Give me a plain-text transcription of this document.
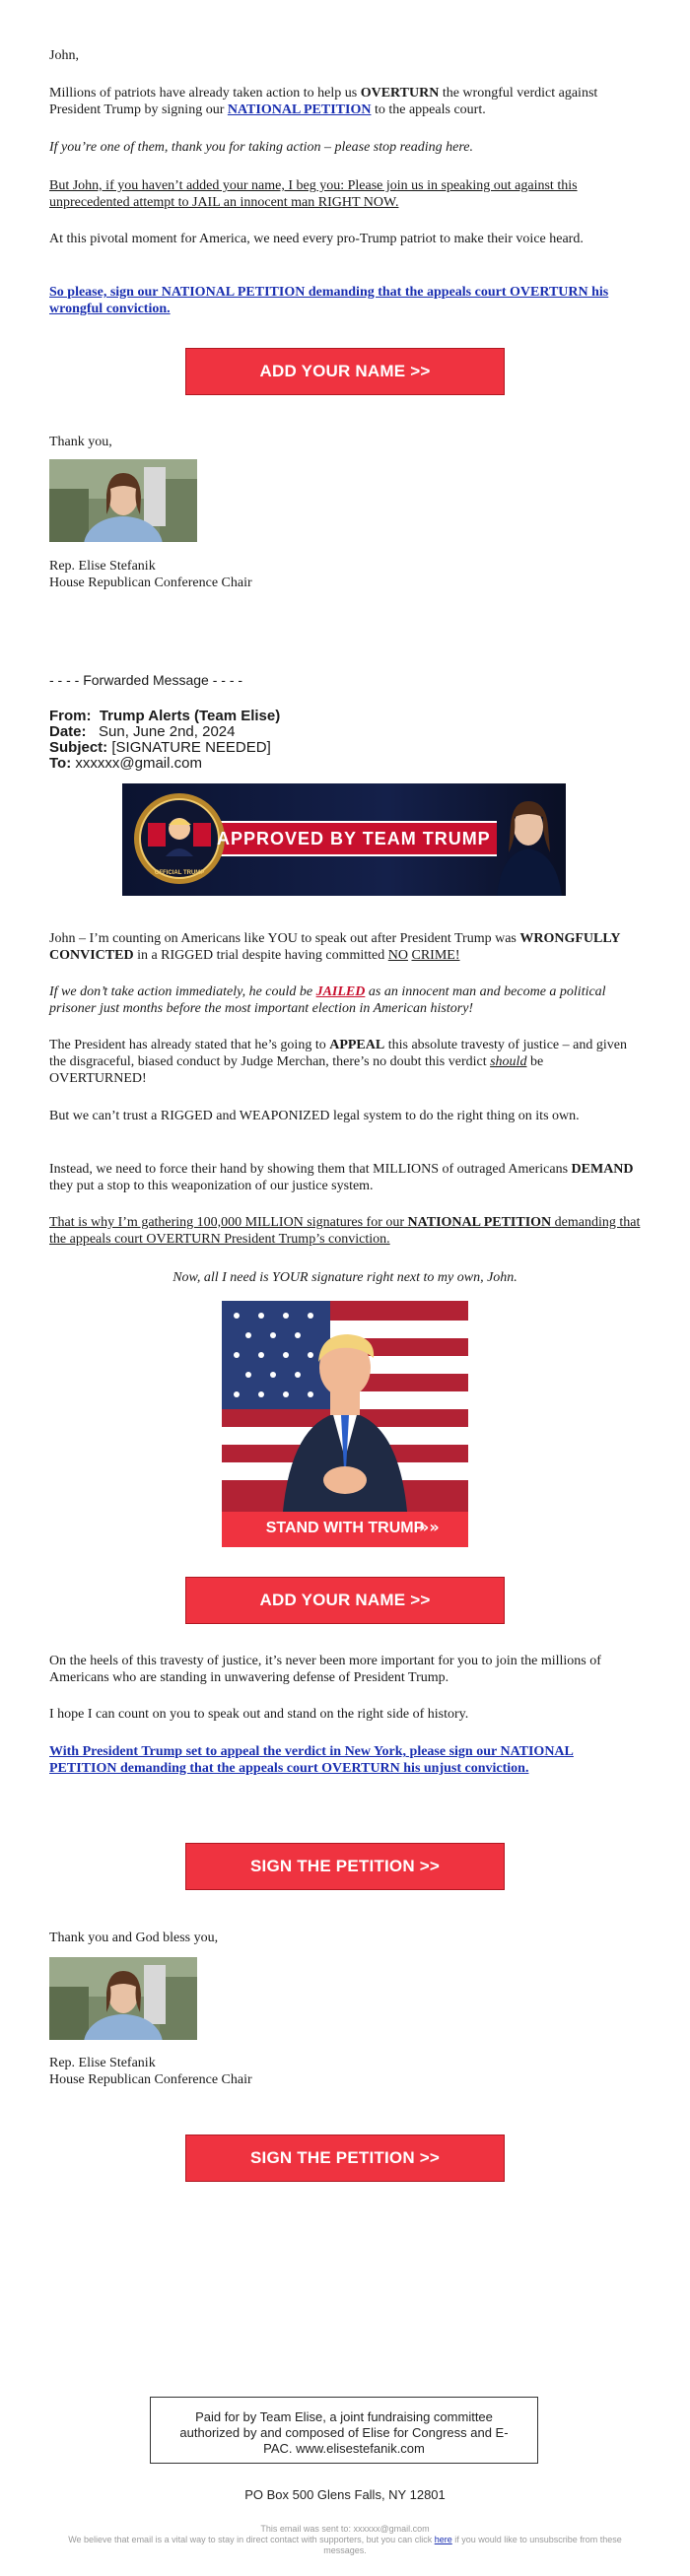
John,

Millions of patriots have already taken action to help us OVERTURN the wrongful verdict against President Trump by signing our NATIONAL PETITION to the appeals court.

If you’re one of them, thank you for taking action – please stop reading here.

But John, if you haven’t added your name, I beg you: Please join us in speaking out against this unprecedented attempt to JAIL an innocent man RIGHT NOW.

At this pivotal moment for America, we need every pro-Trump patriot to make their voice heard.

So please, sign our NATIONAL PETITION demanding that the appeals court OVERTURN his wrongful conviction.

ADD YOUR NAME >>

Thank you,

Rep. Elise Stefanik

House Republican Conference Chair

- - - - Forwarded Message - - - -
From: Trump Alerts (Team Elise)
Date: Sun, June 2nd, 2024
Subject: [SIGNATURE NEEDED]
To: xxxxxx@gmail.com
OFFICIAL TRUMP
APPROVED BY TEAM TRUMP

John – I’m counting on Americans like YOU to speak out after President Trump was WRONGFULLY CONVICTED in a RIGGED trial despite having committed NO CRIME!

If we don’t take action immediately, he could be JAILED as an innocent man and become a political prisoner just months before the most important election in American history!

The President has already stated that he’s going to APPEAL this absolute travesty of justice – and given the disgraceful, biased conduct by Judge Merchan, there’s no doubt this verdict should be OVERTURNED!

But we can’t trust a RIGGED and WEAPONIZED legal system to do the right thing on its own.

Instead, we need to force their hand by showing them that MILLIONS of outraged Americans DEMAND they put a stop to this weaponization of our justice system.

That is why I’m gathering 100,000 MILLION signatures for our NATIONAL PETITION demanding that the appeals court OVERTURN President Trump’s conviction.

Now, all I need is YOUR signature right next to my own, John.

STAND WITH TRUMP
»»
ADD YOUR NAME >>

On the heels of this travesty of justice, it’s never been more important for you to join the millions of Americans who are standing in unwavering defense of President Trump.

I hope I can count on you to speak out and stand on the right side of history.

With President Trump set to appeal the verdict in New York, please sign our NATIONAL PETITION demanding that the appeals court OVERTURN his unjust conviction.

SIGN THE PETITION >>

Thank you and God bless you,

Rep. Elise Stefanik

House Republican Conference Chair

SIGN THE PETITION >>
Paid for by Team Elise, a joint fundraising committee authorized by and composed of Elise for Congress and E-PAC. www.elisestefanik.com

PO Box 500 Glens Falls, NY 12801

This email was sent to: xxxxxx@gmail.com

We believe that email is a vital way to stay in direct contact with supporters, but you can click here if you would like to unsubscribe from these messages.
